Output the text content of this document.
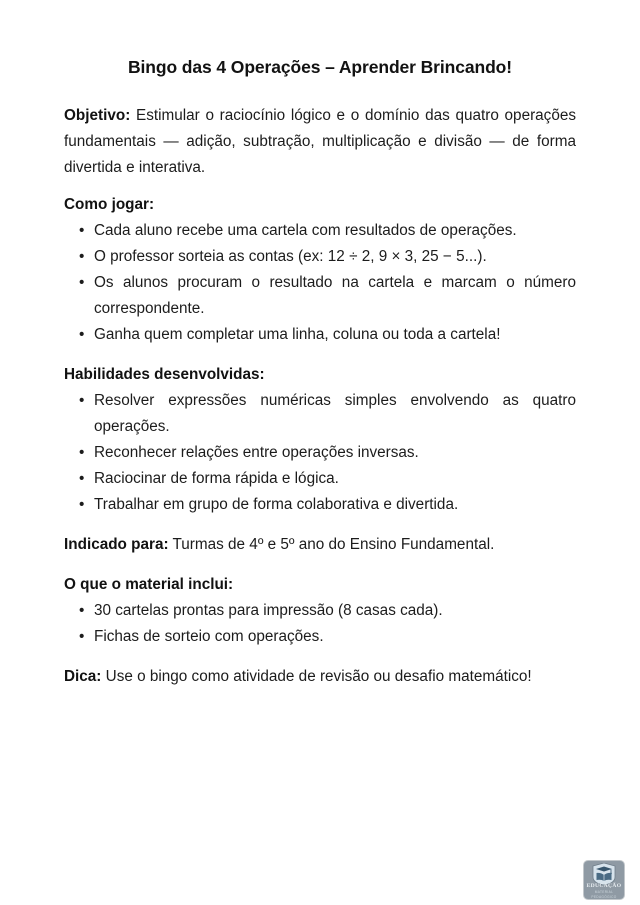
Bingo das 4 Operações – Aprender Brincando!

Objetivo: Estimular o raciocínio lógico e o domínio das quatro operações fundamentais — adição, subtração, multiplicação e divisão — de forma divertida e interativa.

Como jogar:
• Cada aluno recebe uma cartela com resultados de operações.
• O professor sorteia as contas (ex: 12 ÷ 2, 9 × 3, 25 − 5...).
• Os alunos procuram o resultado na cartela e marcam o número correspondente.
• Ganha quem completar uma linha, coluna ou toda a cartela!
Habilidades desenvolvidas:
• Resolver expressões numéricas simples envolvendo as quatro operações.
• Reconhecer relações entre operações inversas.
• Raciocinar de forma rápida e lógica.
• Trabalhar em grupo de forma colaborativa e divertida.

Indicado para: Turmas de 4º e 5º ano do Ensino Fundamental.

O que o material inclui:
• 30 cartelas prontas para impressão (8 casas cada).
• Fichas de sorteio com operações.

Dica: Use o bingo como atividade de revisão ou desafio matemático!

EDUCAÇÃO
MATERIAL PEDAGÓGICO
